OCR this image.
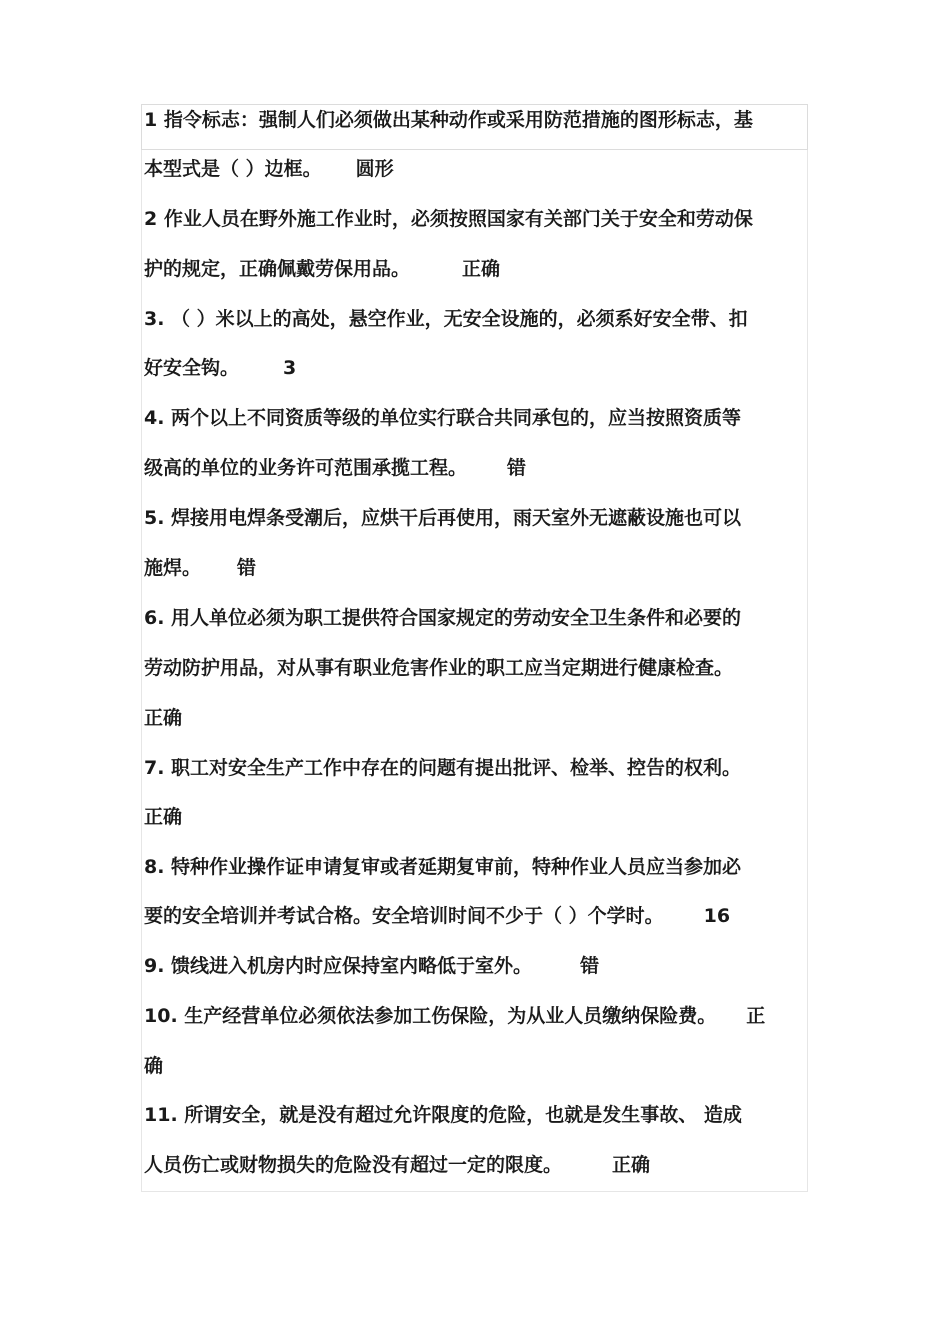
1 指令标志：强制人们必须做出某种动作或采用防范措施的图形标志，基
本型式是（ ）边框。 圆形
2 作业人员在野外施工作业时，必须按照国家有关部门关于安全和劳动保
护的规定，正确佩戴劳保用品。	正确
3. （ ）米以上的高处，悬空作业，无安全设施的，必须系好安全带、扣
好安全钩。 3
4. 两个以上不同资质等级的单位实行联合共同承包的，应当按照资质等
级高的单位的业务许可范围承揽工程。 错
5. 焊接用电焊条受潮后，应烘干后再使用，雨天室外无遮蔽设施也可以
施焊。 错
6. 用人单位必须为职工提供符合国家规定的劳动安全卫生条件和必要的
劳动防护用品，对从事有职业危害作业的职工应当定期进行健康检查。
正确
7. 职工对安全生产工作中存在的问题有提出批评、检举、控告的权利。
正确
8. 特种作业操作证申请复审或者延期复审前，特种作业人员应当参加必
要的安全培训并考试合格。安全培训时间不少于（ ）个学时。 16
9. 馈线进入机房内时应保持室内略低于室外。	错
10. 生产经营单位必须依法参加工伤保险，为从业人员缴纳保险费。 正
确
11. 所谓安全，就是没有超过允许限度的危险，也就是发生事故、 造成
人员伤亡或财物损失的危险没有超过一定的限度。	正确
